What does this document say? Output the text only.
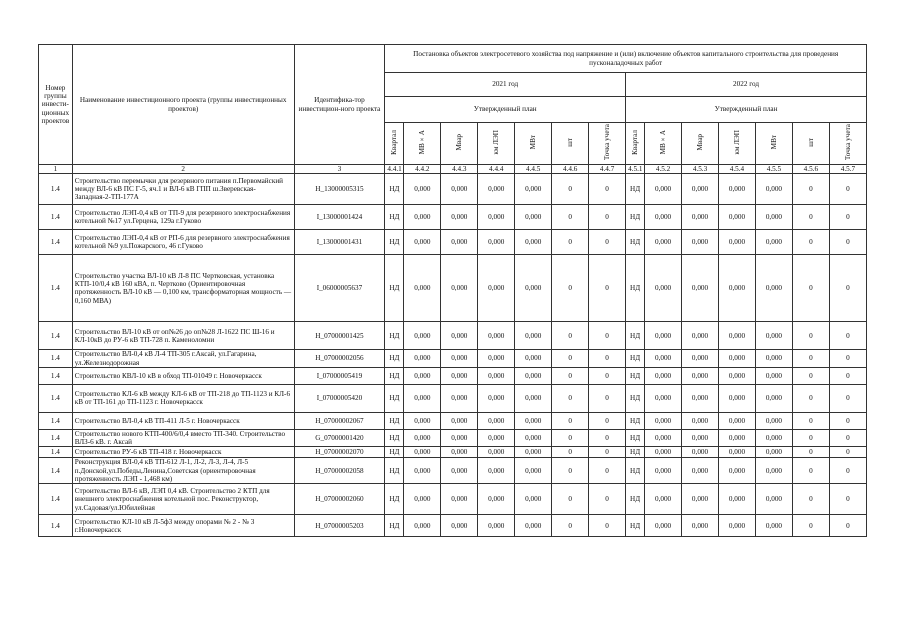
Номер группы инвести-ционных проектов	Наименование инвестиционного проекта (группы инвестиционных проектов)	Идентифика-тор инвестицион-ного проекта	Постановка объектов электросетевого хозяйства под напряжение и (или) включение объектов капитального строительства для проведения пусконаладочных работ													
			2021 год							2022 год						
			Утвержденный план							Утвержденный план						
			Квартал	МВ×А	Мвар	км ЛЭП	МВт	шт	Точка учета	Квартал	МВ×А	Мвар	км ЛЭП	МВт	шт	Точка учета
1	2	3	4.4.1	4.4.2	4.4.3	4.4.4	4.4.5	4.4.6	4.4.7	4.5.1	4.5.2	4.5.3	4.5.4	4.5.5	4.5.6	4.5.7
1.4	Строительство перемычки для резервного питания п.Первомайский между ВЛ-6 кВ ПС Г-5, яч.1 и ВЛ-6 кВ ГПП ш.Зверевская-Западная-2-ТП-177А	H_13000005315	НД	0,000	0,000	0,000	0,000	0	0	НД	0,000	0,000	0,000	0,000	0	0
1.4	Строительство ЛЭП-0,4 кВ от ТП-9 для резервного электроснабжения котельной №17 ул.Герцена, 129а г.Гуково	I_13000001424	НД	0,000	0,000	0,000	0,000	0	0	НД	0,000	0,000	0,000	0,000	0	0
1.4	Строительство ЛЭП-0,4 кВ от РП-6 для резервного электроснабжения котельной №9 ул.Пожарского, 46 г.Гуково	I_13000001431	НД	0,000	0,000	0,000	0,000	0	0	НД	0,000	0,000	0,000	0,000	0	0
1.4	Строительство участка ВЛ-10 кВ Л-8 ПС Чертковская, установка КТП-10/0,4 кВ 160 кВА, п. Чертково (Ориентировочная протяженность ВЛ-10 кВ — 0,100 км, трансформаторная мощность — 0,160 МВА)	I_06000005637	НД	0,000	0,000	0,000	0,000	0	0	НД	0,000	0,000	0,000	0,000	0	0
1.4	Строительство ВЛ-10 кВ от оп№26 до оп№28 Л-1622 ПС Ш-16 и КЛ-10кВ до РУ-6 кВ ТП-728 п. Каменоломни	H_07000001425	НД	0,000	0,000	0,000	0,000	0	0	НД	0,000	0,000	0,000	0,000	0	0
1.4	Строительство ВЛ-0,4 кВ Л-4 ТП-305 г.Аксай, ул.Гагарина, ул.Железнодорожная	H_07000002056	НД	0,000	0,000	0,000	0,000	0	0	НД	0,000	0,000	0,000	0,000	0	0
1.4	Строительство КВЛ-10 кВ в обход ТП-01049 г. Новочеркасск	I_07000005419	НД	0,000	0,000	0,000	0,000	0	0	НД	0,000	0,000	0,000	0,000	0	0
1.4	Строительство КЛ-6 кВ между КЛ-6 кВ от ТП-218 до ТП-1123 и КЛ-6 кВ от ТП-161 до ТП-1123 г. Новочеркасск	I_07000005420	НД	0,000	0,000	0,000	0,000	0	0	НД	0,000	0,000	0,000	0,000	0	0
1.4	Строительство ВЛ-0,4 кВ ТП-411 Л-5 г. Новочеркасск	H_07000002067	НД	0,000	0,000	0,000	0,000	0	0	НД	0,000	0,000	0,000	0,000	0	0
1.4	Строительство нового КТП-400/6/0,4 вместо ТП-340. Строительство ВЛЗ-6 кВ. г. Аксай	G_07000001420	НД	0,000	0,000	0,000	0,000	0	0	НД	0,000	0,000	0,000	0,000	0	0
1.4	Строительство РУ-6 кВ ТП-418 г. Новочеркасск	H_07000002070	НД	0,000	0,000	0,000	0,000	0	0	НД	0,000	0,000	0,000	0,000	0	0
1.4	Реконструкция ВЛ-0,4 кВ ТП-612 Л-1, Л-2, Л-3, Л-4, Л-5 п.Донской,ул.Победы,Ленина,Советская (ориентировочная протяженность ЛЭП - 1,468 км)	H_07000002058	НД	0,000	0,000	0,000	0,000	0	0	НД	0,000	0,000	0,000	0,000	0	0
1.4	Строительство ВЛ-6 кВ, ЛЭП 0,4 кВ. Строительство 2 КТП для внешнего электроснабжения котельной пос. Реконструктор, ул.Садовая/ул.Юбилейная	H_07000002060	НД	0,000	0,000	0,000	0,000	0	0	НД	0,000	0,000	0,000	0,000	0	0
1.4	Строительство КЛ-10 кВ Л-5ф3 между опорами № 2 - № 3 г.Новочеркасск	H_07000005203	НД	0,000	0,000	0,000	0,000	0	0	НД	0,000	0,000	0,000	0,000	0	0
